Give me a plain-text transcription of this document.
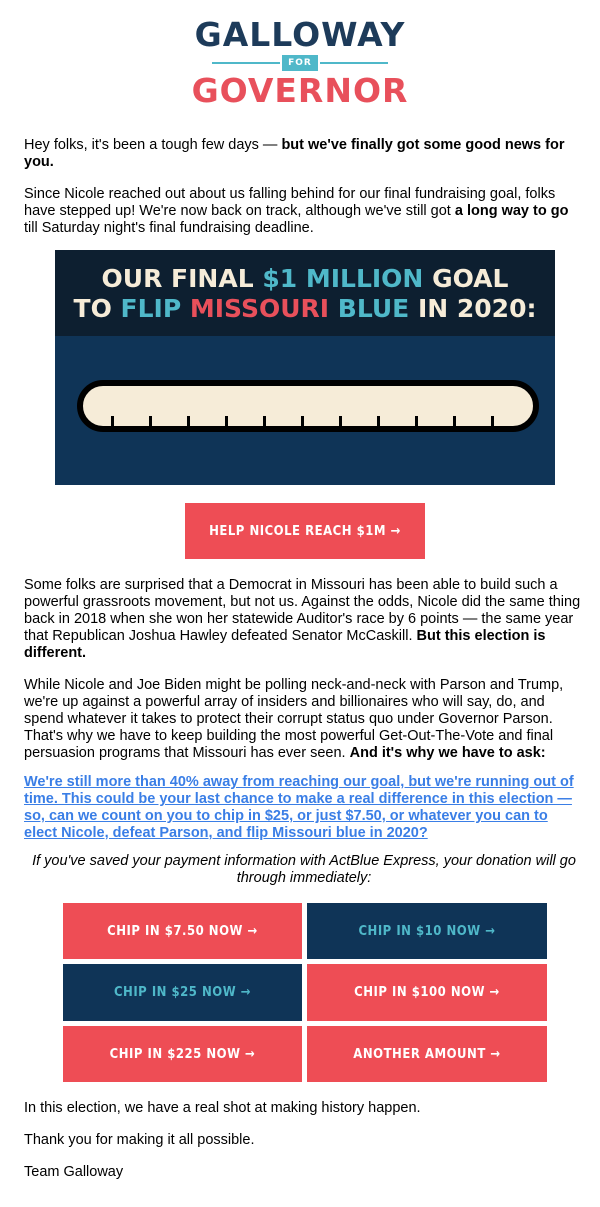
GALLOWAY
FOR
GOVERNOR

Hey folks, it's been a tough few days — but we've finally got some good news for you.

Since Nicole reached out about us falling behind for our final fundraising goal, folks have stepped up! We're now back on track, although we've still got a long way to go till Saturday night's final fundraising deadline.

OUR FINAL $1 MILLION GOAL
TO FLIP MISSOURI BLUE IN 2020:
HELP NICOLE REACH $1M →

Some folks are surprised that a Democrat in Missouri has been able to build such a powerful grassroots movement, but not us. Against the odds, Nicole did the same thing back in 2018 when she won her statewide Auditor's race by 6 points — the same year that Republican Joshua Hawley defeated Senator McCaskill. But this election is different.

While Nicole and Joe Biden might be polling neck-and-neck with Parson and Trump, we're up against a powerful array of insiders and billionaires who will say, do, and spend whatever it takes to protect their corrupt status quo under Governor Parson. That's why we have to keep building the most powerful Get-Out-The-Vote and final persuasion programs that Missouri has ever seen. And it's why we have to ask:

We're still more than 40% away from reaching our goal, but we're running out of time. This could be your last chance to make a real difference in this election — so, can we count on you to chip in $25, or just $7.50, or whatever you can to elect Nicole, defeat Parson, and flip Missouri blue in 2020?

If you've saved your payment information with ActBlue Express, your donation will go through immediately:
CHIP IN $7.50 NOW →	CHIP IN $10 NOW →
CHIP IN $25 NOW →	CHIP IN $100 NOW →
CHIP IN $225 NOW →	ANOTHER AMOUNT →
In this election, we have a real shot at making history happen.
Thank you for making it all possible.
Team Galloway
